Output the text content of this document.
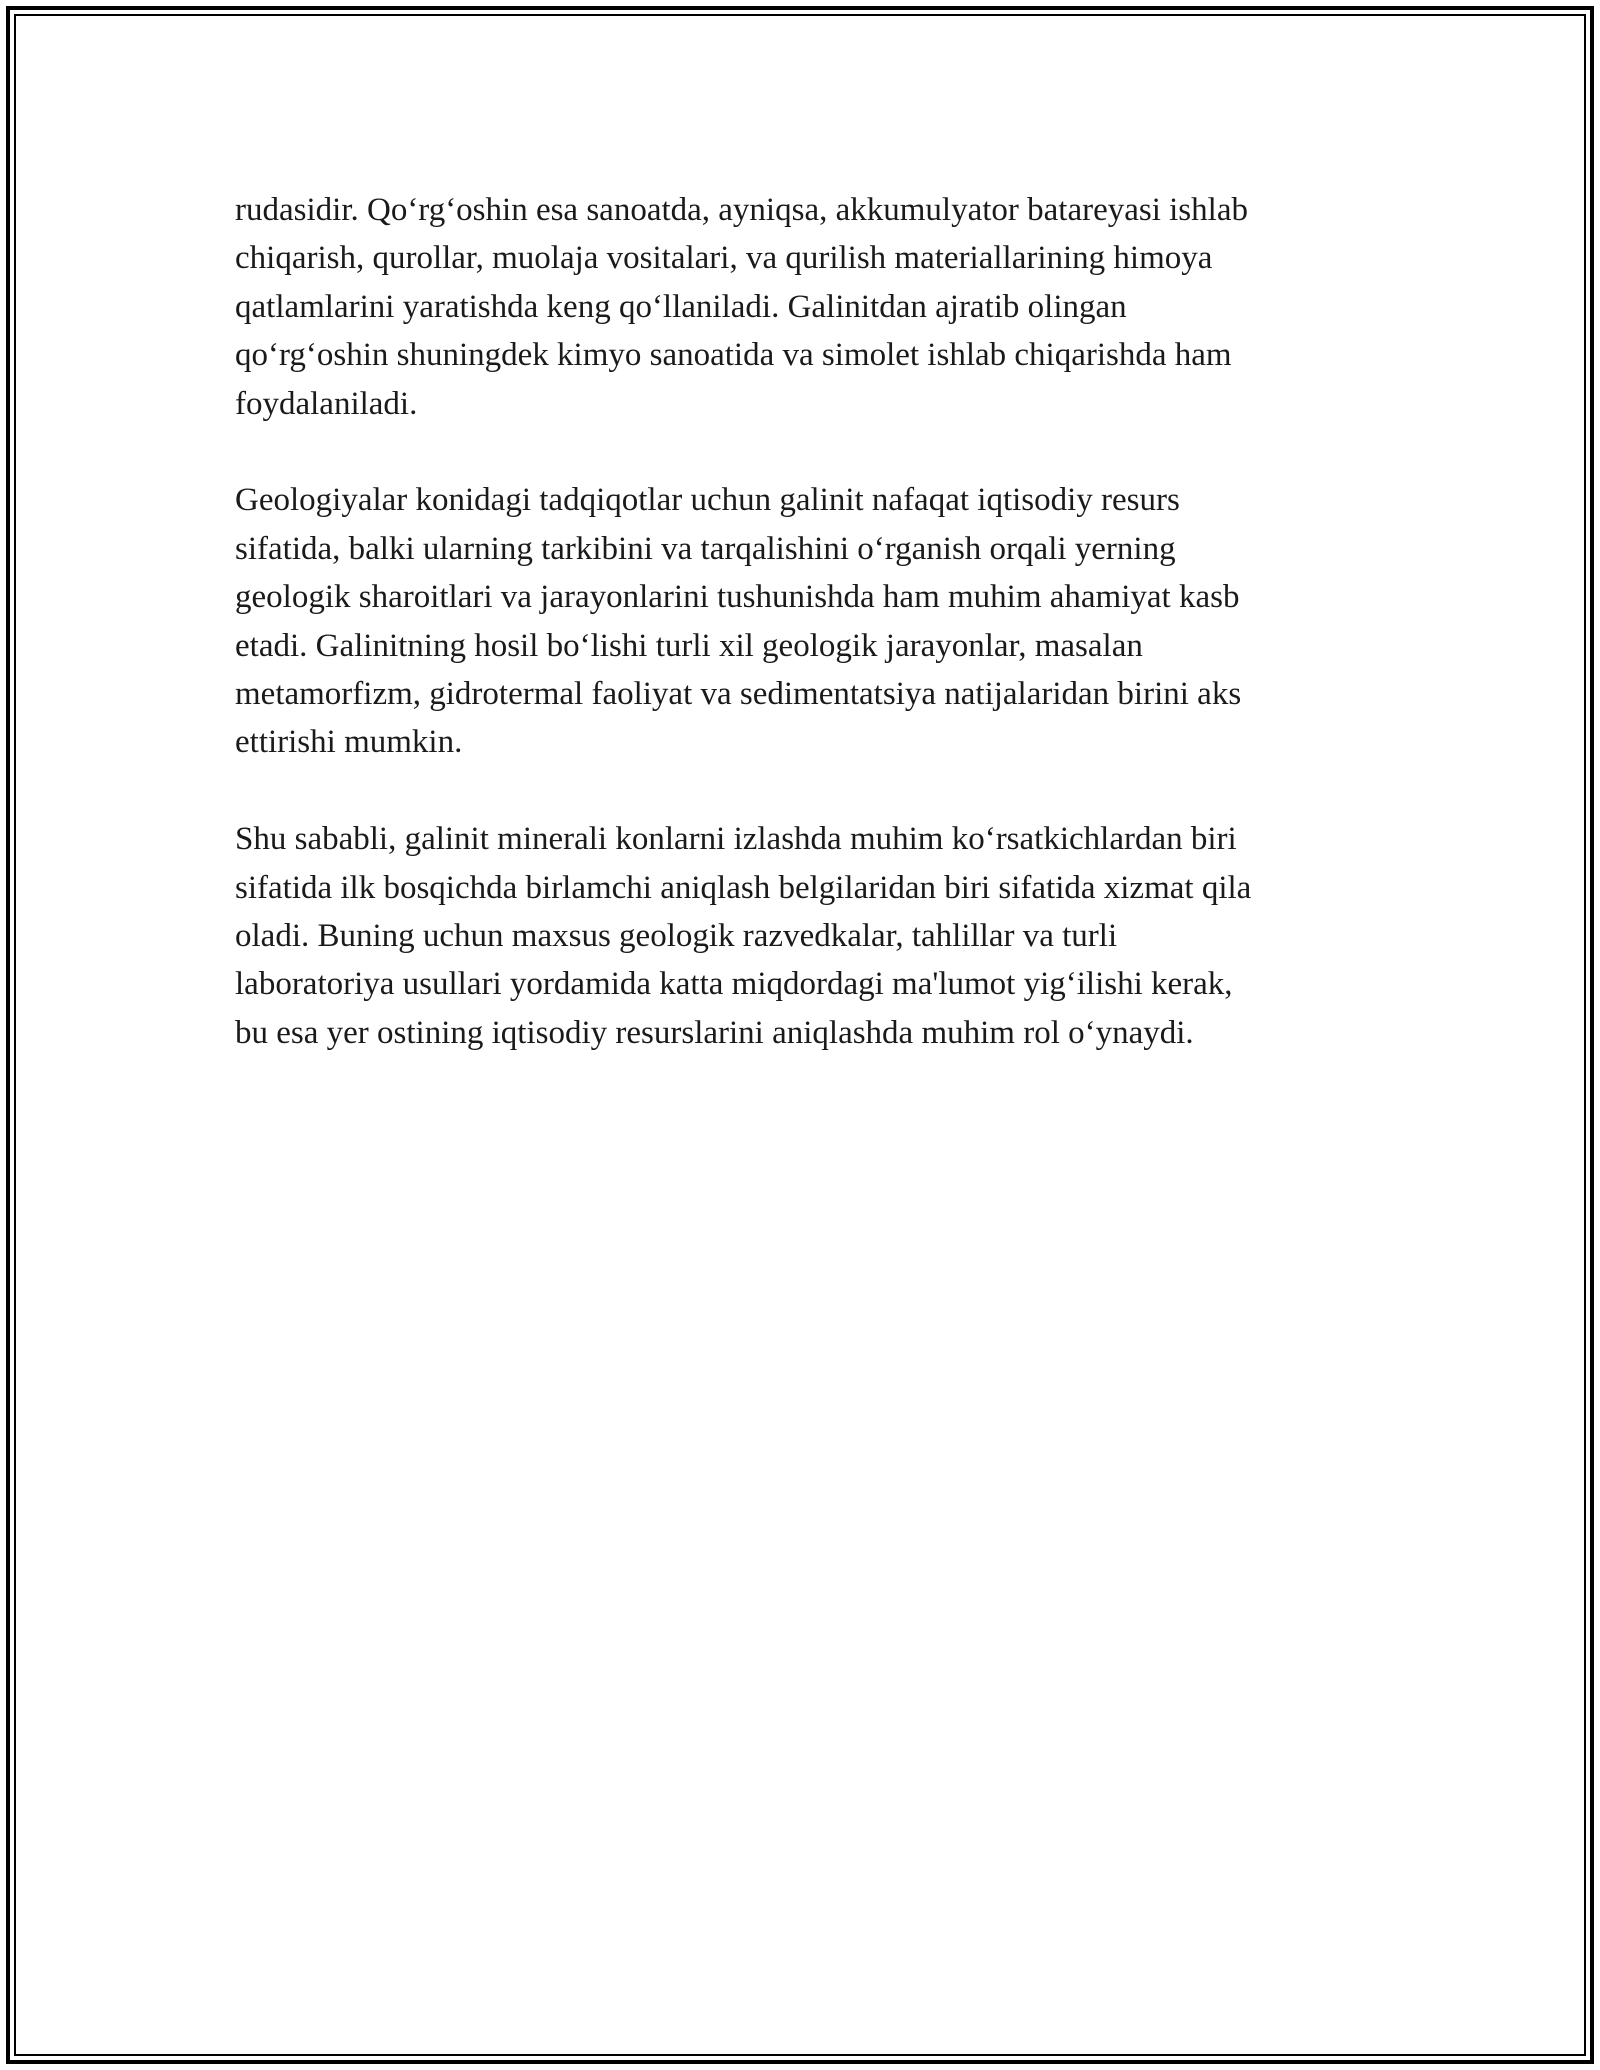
rudasidir. Qo‘rg‘oshin esa sanoatda, ayniqsa, akkumulyator batareyasi ishlab
chiqarish, qurollar, muolaja vositalari, va qurilish materiallarining himoya
qatlamlarini yaratishda keng qo‘llaniladi. Galinitdan ajratib olingan
qo‘rg‘oshin shuningdek kimyo sanoatida va simolet ishlab chiqarishda ham
foydalaniladi.

Geologiyalar konidagi tadqiqotlar uchun galinit nafaqat iqtisodiy resurs
sifatida, balki ularning tarkibini va tarqalishini o‘rganish orqali yerning
geologik sharoitlari va jarayonlarini tushunishda ham muhim ahamiyat kasb
etadi. Galinitning hosil bo‘lishi turli xil geologik jarayonlar, masalan
metamorfizm, gidrotermal faoliyat va sedimentatsiya natijalaridan birini aks
ettirishi mumkin.

Shu sababli, galinit minerali konlarni izlashda muhim ko‘rsatkichlardan biri
sifatida ilk bosqichda birlamchi aniqlash belgilaridan biri sifatida xizmat qila
oladi. Buning uchun maxsus geologik razvedkalar, tahlillar va turli
laboratoriya usullari yordamida katta miqdordagi ma'lumot yig‘ilishi kerak,
bu esa yer ostining iqtisodiy resurslarini aniqlashda muhim rol o‘ynaydi.
